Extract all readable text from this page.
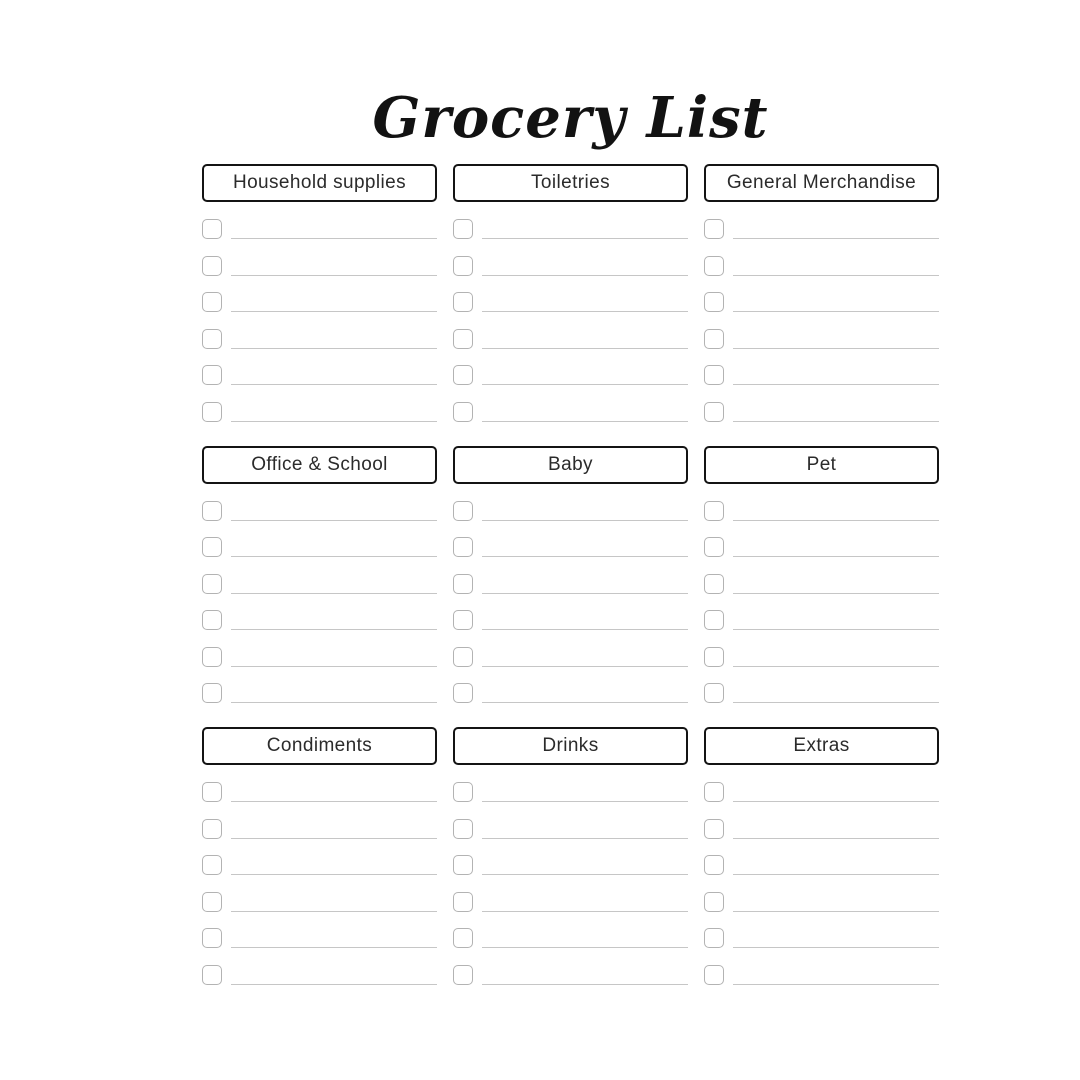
Grocery List
Household supplies	Toiletries	General Merchandise
Office & School	Baby	Pet
Condiments	Drinks	Extras
